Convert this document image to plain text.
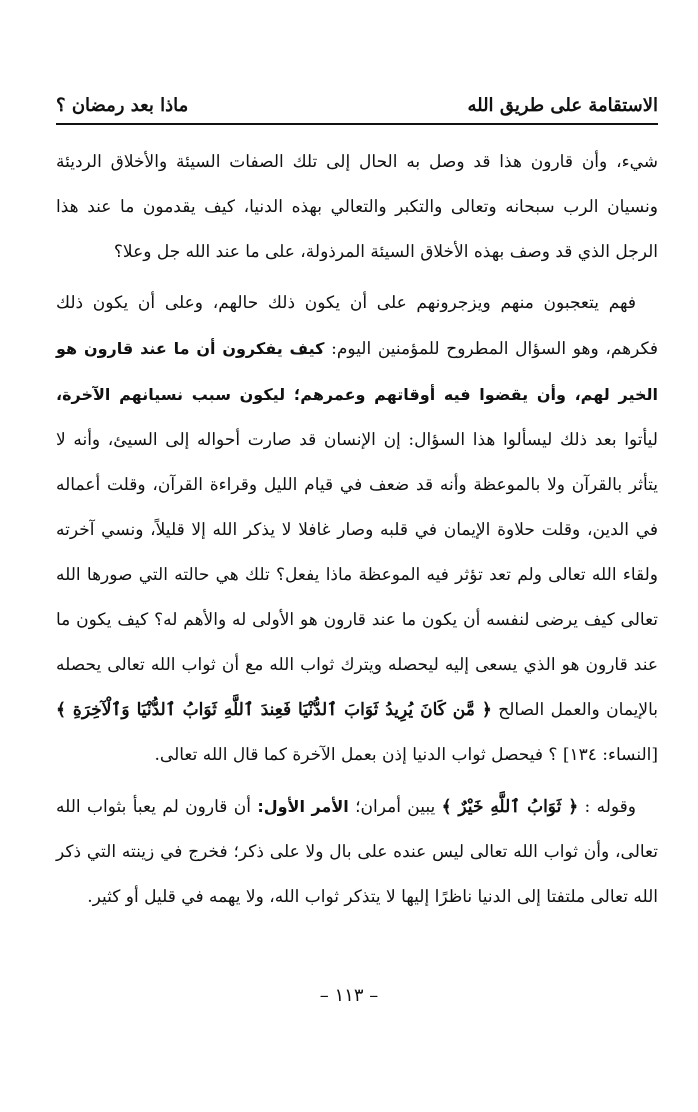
الاستقامة على طريق الله
ماذا بعد رمضان ؟

شيء، وأن قارون هذا قد وصل به الحال إلى تلك الصفات السيئة والأخلاق الرديئة ونسيان الرب سبحانه وتعالى والتكبر والتعالي بهذه الدنيا، كيف يقدمون ما عند هذا الرجل الذي قد وصف بهذه الأخلاق السيئة المرذولة، على ما عند الله جل وعلا؟

فهم يتعجبون منهم ويزجرونهم على أن يكون ذلك حالهم، وعلى أن يكون ذلك فكرهم، وهو السؤال المطروح للمؤمنين اليوم: كيف يفكرون أن ما عند قارون هو الخير لهم، وأن يقضوا فيه أوقاتهم وعمرهم؛ ليكون سبب نسيانهم الآخرة، ليأتوا بعد ذلك ليسألوا هذا السؤال: إن الإنسان قد صارت أحواله إلى السيئ، وأنه لا يتأثر بالقرآن ولا بالموعظة وأنه قد ضعف في قيام الليل وقراءة القرآن، وقلت أعماله في الدين، وقلت حلاوة الإيمان في قلبه وصار غافلا لا يذكر الله إلا قليلاً، ونسي آخرته ولقاء الله تعالى ولم تعد تؤثر فيه الموعظة ماذا يفعل؟ تلك هي حالته التي صورها الله تعالى كيف يرضى لنفسه أن يكون ما عند قارون هو الأولى له والأهم له؟ كيف يكون ما عند قارون هو الذي يسعى إليه ليحصله ويترك ثواب الله مع أن ثواب الله تعالى يحصله بالإيمان والعمل الصالح ﴿ مَّن كَانَ يُرِيدُ ثَوَابَ ٱلدُّنْيَا فَعِندَ ٱللَّهِ ثَوَابُ ٱلدُّنْيَا وَٱلْآخِرَةِ ﴾ [النساء: ١٣٤] ؟ فيحصل ثواب الدنيا إذن بعمل الآخرة كما قال الله تعالى.

وقوله : ﴿ ثَوَابُ ٱللَّهِ خَيْرٌ ﴾ يبين أمران؛ الأمر الأول: أن قارون لم يعبأ بثواب الله تعالى، وأن ثواب الله تعالى ليس عنده على بال ولا على ذكر؛ فخرج في زينته التي ذكر الله تعالى ملتفتا إلى الدنيا ناظرًا إليها لا يتذكر ثواب الله، ولا يهمه في قليل أو كثير.

– ١١٣ –
